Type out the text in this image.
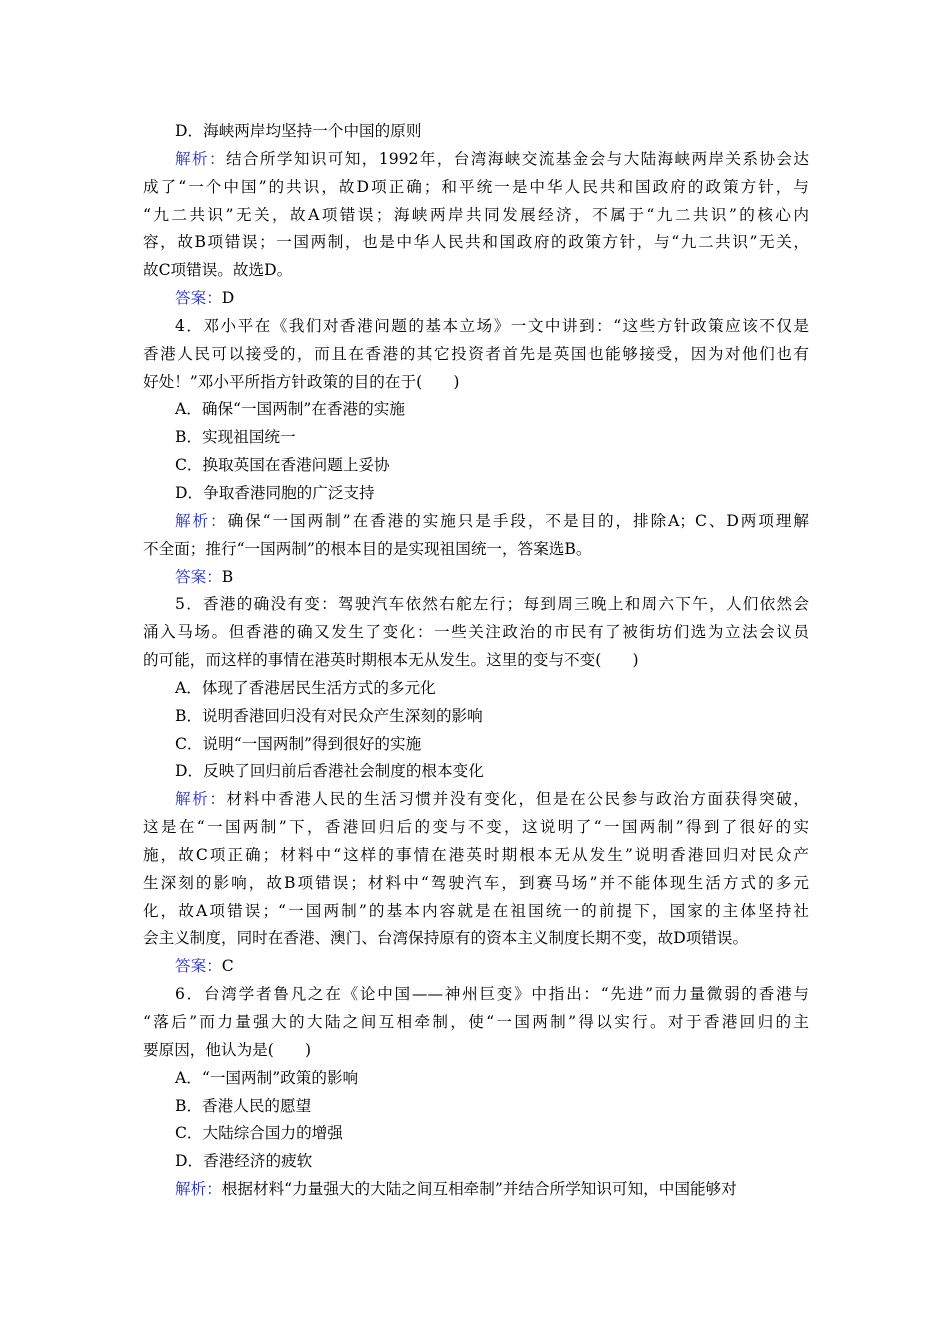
D．海峡两岸均坚持一个中国的原则
解析：结合所学知识可知，1992年，台湾海峡交流基金会与大陆海峡两岸关系协会达
成了“一个中国”的共识，故D项正确；和平统一是中华人民共和国政府的政策方针，与
“九二共识”无关，故A项错误；海峡两岸共同发展经济，不属于“九二共识”的核心内
容，故B项错误；一国两制，也是中华人民共和国政府的政策方针，与“九二共识”无关，
故C项错误。故选D。
答案：D
4．邓小平在《我们对香港问题的基本立场》一文中讲到：“这些方针政策应该不仅是
香港人民可以接受的，而且在香港的其它投资者首先是英国也能够接受，因为对他们也有
好处！”邓小平所指方针政策的目的在于(　　)
A．确保“一国两制”在香港的实施
B．实现祖国统一
C．换取英国在香港问题上妥协
D．争取香港同胞的广泛支持
解析：确保“一国两制”在香港的实施只是手段，不是目的，排除A；C、D两项理解
不全面；推行“一国两制”的根本目的是实现祖国统一，答案选B。
答案：B
5．香港的确没有变：驾驶汽车依然右舵左行；每到周三晚上和周六下午，人们依然会
涌入马场。但香港的确又发生了变化：一些关注政治的市民有了被街坊们选为立法会议员
的可能，而这样的事情在港英时期根本无从发生。这里的变与不变(　　)
A．体现了香港居民生活方式的多元化
B．说明香港回归没有对民众产生深刻的影响
C．说明“一国两制”得到很好的实施
D．反映了回归前后香港社会制度的根本变化
解析：材料中香港人民的生活习惯并没有变化，但是在公民参与政治方面获得突破，
这是在“一国两制”下，香港回归后的变与不变，这说明了“一国两制”得到了很好的实
施，故C项正确；材料中“这样的事情在港英时期根本无从发生”说明香港回归对民众产
生深刻的影响，故B项错误；材料中“驾驶汽车，到赛马场”并不能体现生活方式的多元
化，故A项错误；“一国两制”的基本内容就是在祖国统一的前提下，国家的主体坚持社
会主义制度，同时在香港、澳门、台湾保持原有的资本主义制度长期不变，故D项错误。
答案：C
6．台湾学者鲁凡之在《论中国——神州巨变》中指出：“先进”而力量微弱的香港与
“落后”而力量强大的大陆之间互相牵制，使“一国两制”得以实行。对于香港回归的主
要原因，他认为是(　　)
A．“一国两制”政策的影响
B．香港人民的愿望
C．大陆综合国力的增强
D．香港经济的疲软
解析：根据材料“力量强大的大陆之间互相牵制”并结合所学知识可知，中国能够对
